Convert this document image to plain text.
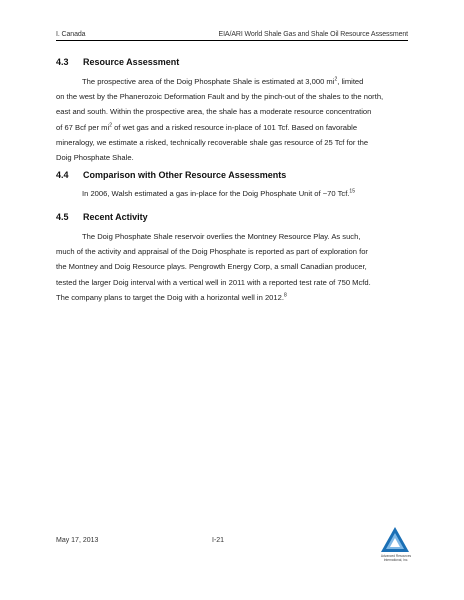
I. Canada	EIA/ARI World Shale Gas and Shale Oil Resource Assessment
4.3 Resource Assessment
The prospective area of the Doig Phosphate Shale is estimated at 3,000 $mi^2$, limited
on the west by the Phanerozoic Deformation Fault and by the pinch-out of the shales to the north,
east and south. Within the prospective area, the shale has a moderate resource concentration
of 67 Bcf per $mi^2$ of wet gas and a risked resource in-place of 101 Tcf. Based on favorable
mineralogy, we estimate a risked, technically recoverable shale gas resource of 25 Tcf for the
Doig Phosphate Shale.
4.4 Comparison with Other Resource Assessments
In 2006, Walsh estimated a gas in-place for the Doig Phosphate Unit of ~70 Tcf.$^{15}$
4.5 Recent Activity
The Doig Phosphate Shale reservoir overlies the Montney Resource Play. As such,
much of the activity and appraisal of the Doig Phosphate is reported as part of exploration for
the Montney and Doig Resource plays. Pengrowth Energy Corp, a small Canadian producer,
tested the larger Doig interval with a vertical well in 2011 with a reported test rate of 750 Mcfd.
The company plans to target the Doig with a horizontal well in 2012.$^8$
May 17, 2013	I-21
Advanced Resources
International, Inc.
